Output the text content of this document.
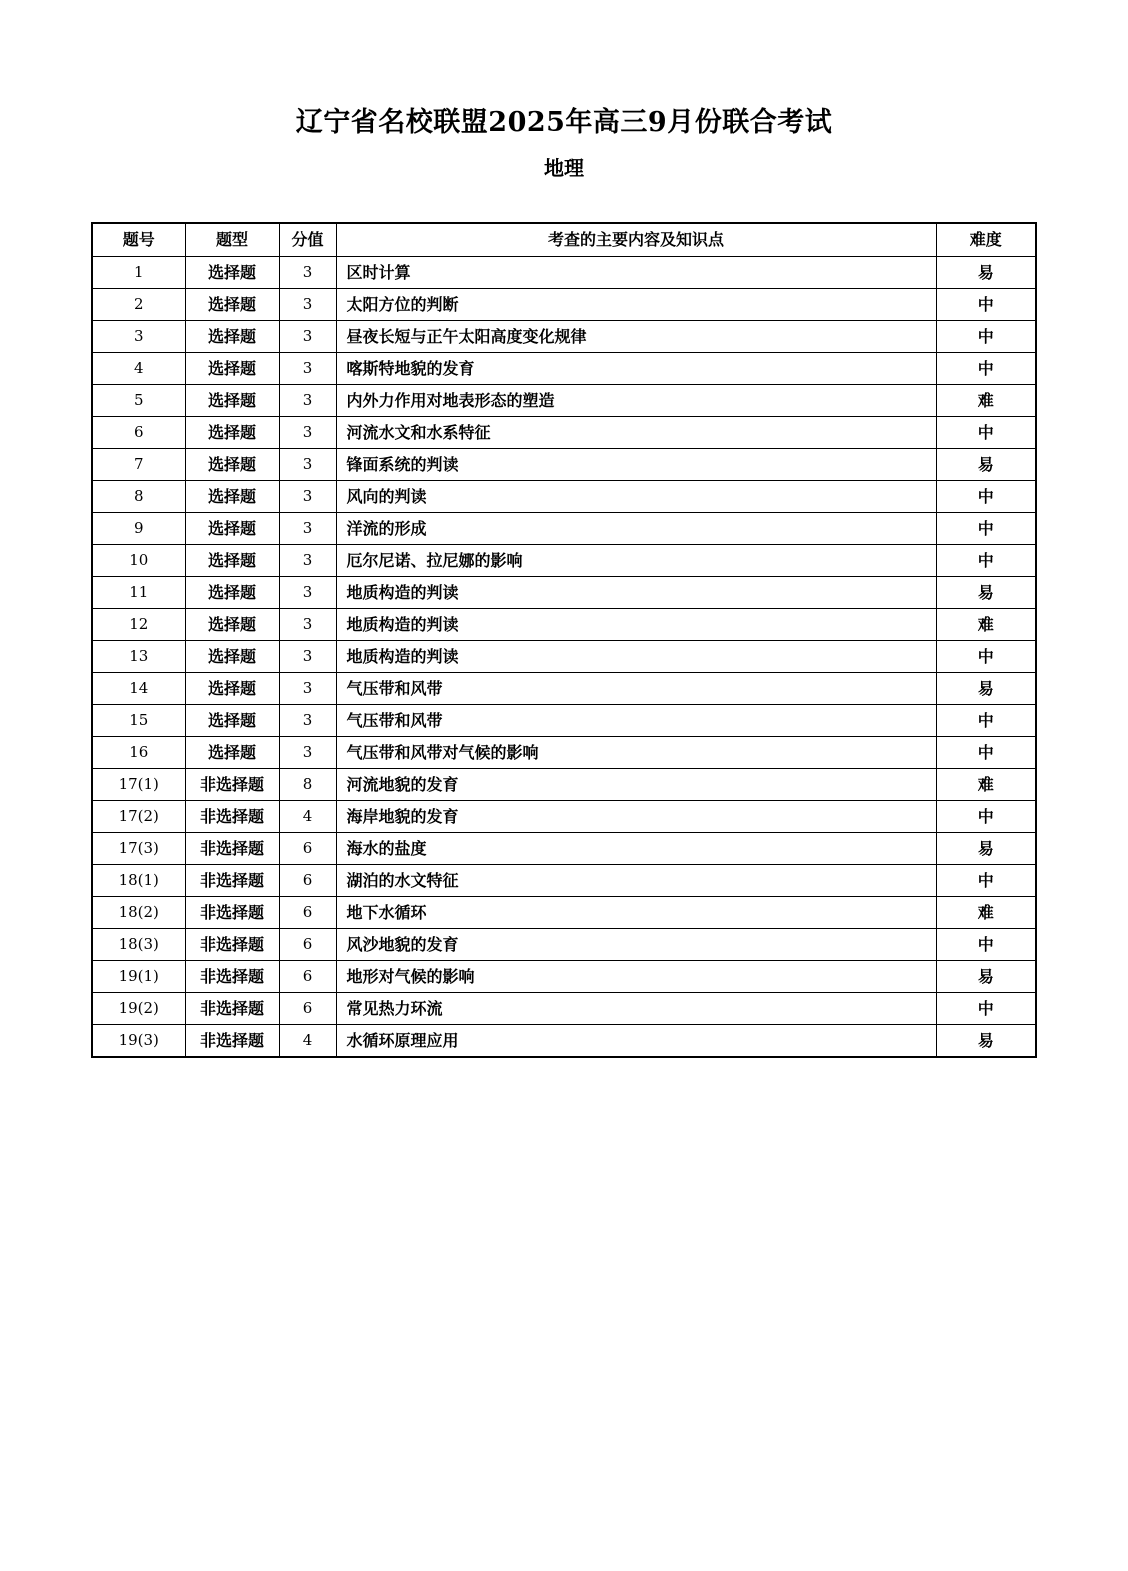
辽宁省名校联盟2025年高三9月份联合考试
地理
题号	题型	分值	考查的主要内容及知识点	难度
1	选择题	3	区时计算	易
2	选择题	3	太阳方位的判断	中
3	选择题	3	昼夜长短与正午太阳高度变化规律	中
4	选择题	3	喀斯特地貌的发育	中
5	选择题	3	内外力作用对地表形态的塑造	难
6	选择题	3	河流水文和水系特征	中
7	选择题	3	锋面系统的判读	易
8	选择题	3	风向的判读	中
9	选择题	3	洋流的形成	中
10	选择题	3	厄尔尼诺、拉尼娜的影响	中
11	选择题	3	地质构造的判读	易
12	选择题	3	地质构造的判读	难
13	选择题	3	地质构造的判读	中
14	选择题	3	气压带和风带	易
15	选择题	3	气压带和风带	中
16	选择题	3	气压带和风带对气候的影响	中
17(1)	非选择题	8	河流地貌的发育	难
17(2)	非选择题	4	海岸地貌的发育	中
17(3)	非选择题	6	海水的盐度	易
18(1)	非选择题	6	湖泊的水文特征	中
18(2)	非选择题	6	地下水循环	难
18(3)	非选择题	6	风沙地貌的发育	中
19(1)	非选择题	6	地形对气候的影响	易
19(2)	非选择题	6	常见热力环流	中
19(3)	非选择题	4	水循环原理应用	易
